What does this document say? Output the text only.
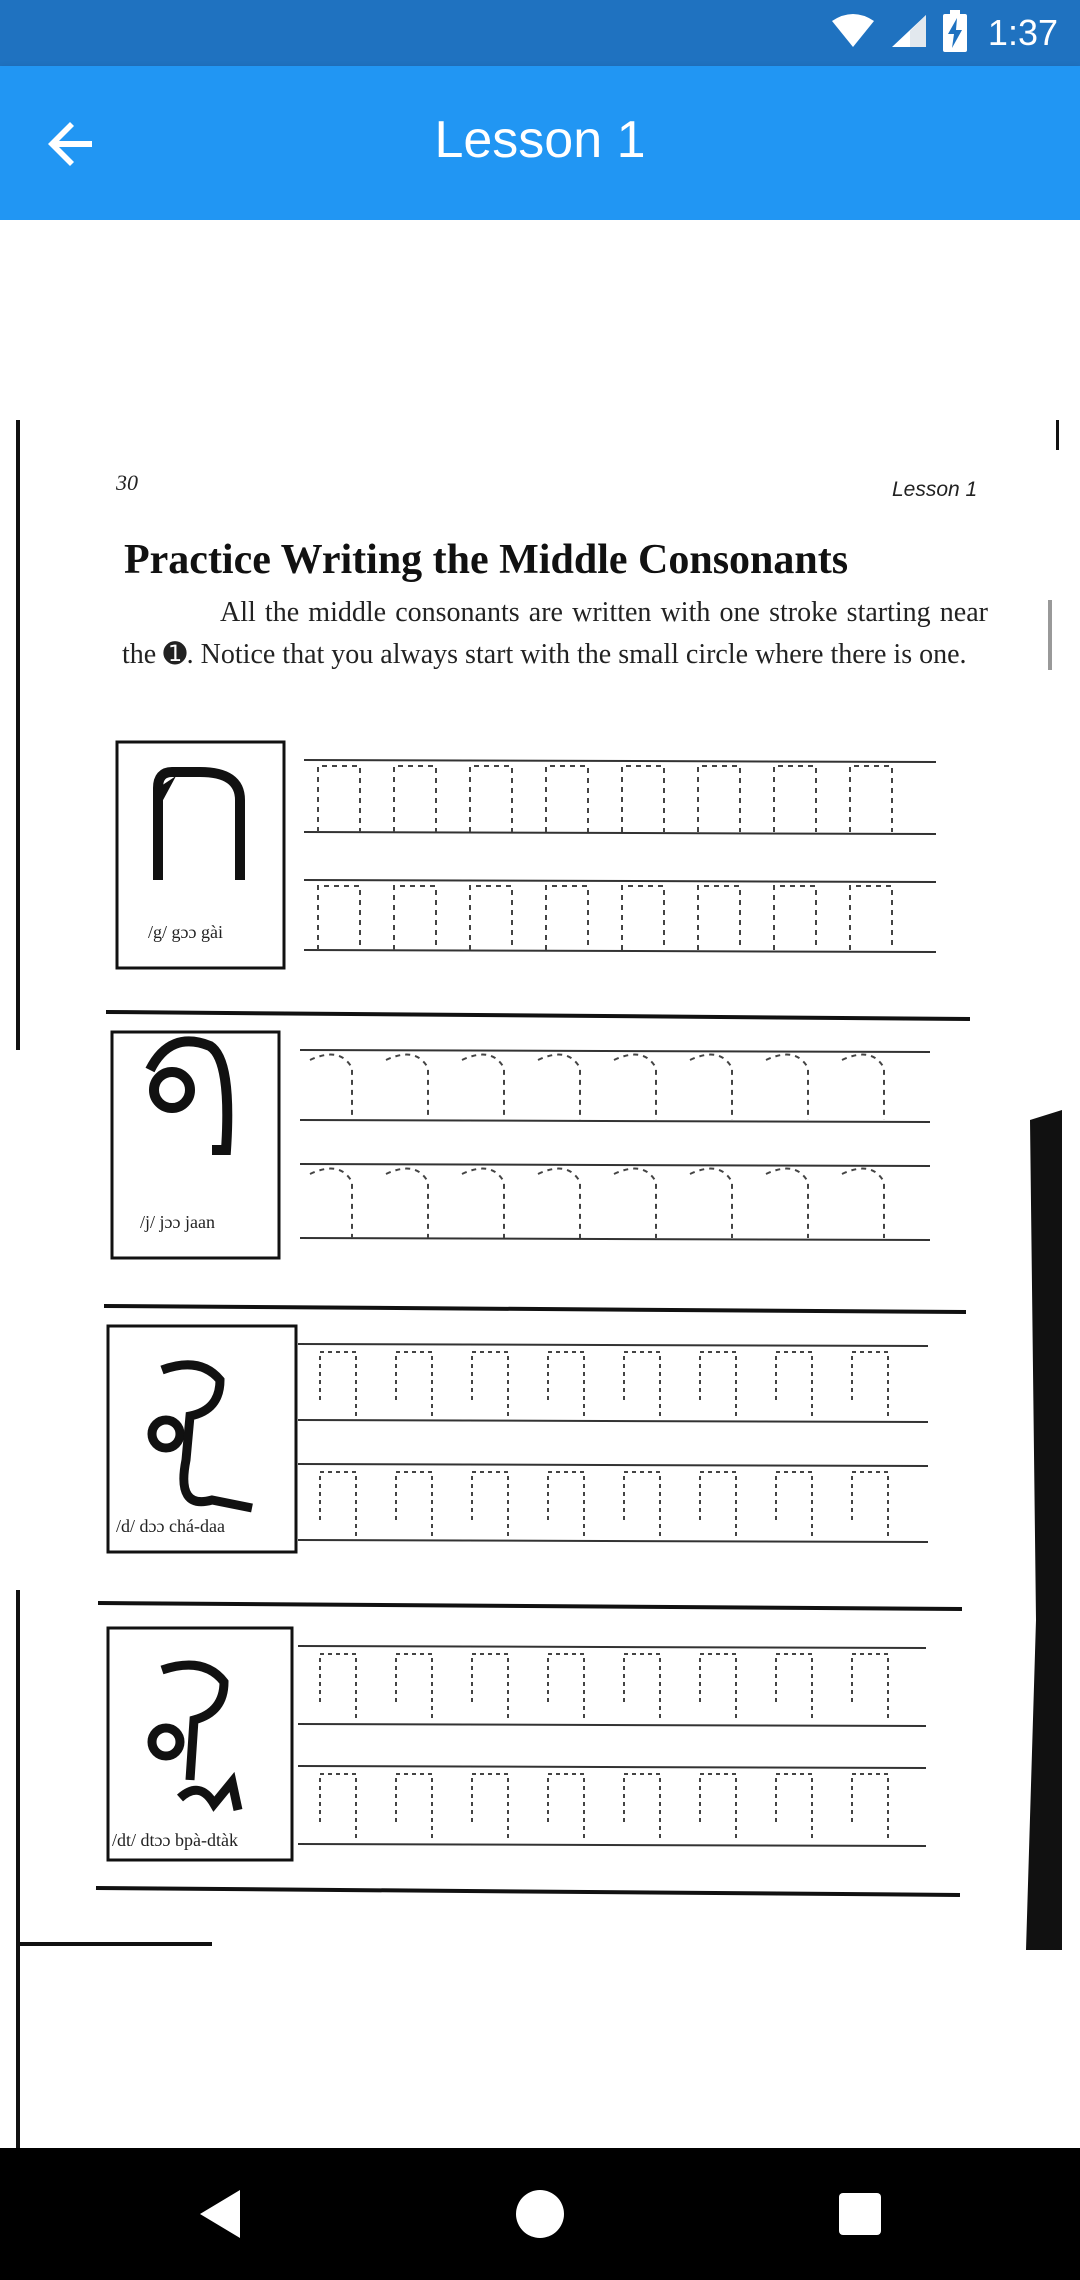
1:37
Lesson 1
30	Lesson 1
Practice Writing the Middle Consonants
All the middle consonants are written with one stroke starting near the ➊. Notice that you always start with the small circle where there is one.
/g/ gɔɔ gài
/j/ jɔɔ jaan
/d/ dɔɔ chá-daa
/dt/ dtɔɔ bpà-dtàk
